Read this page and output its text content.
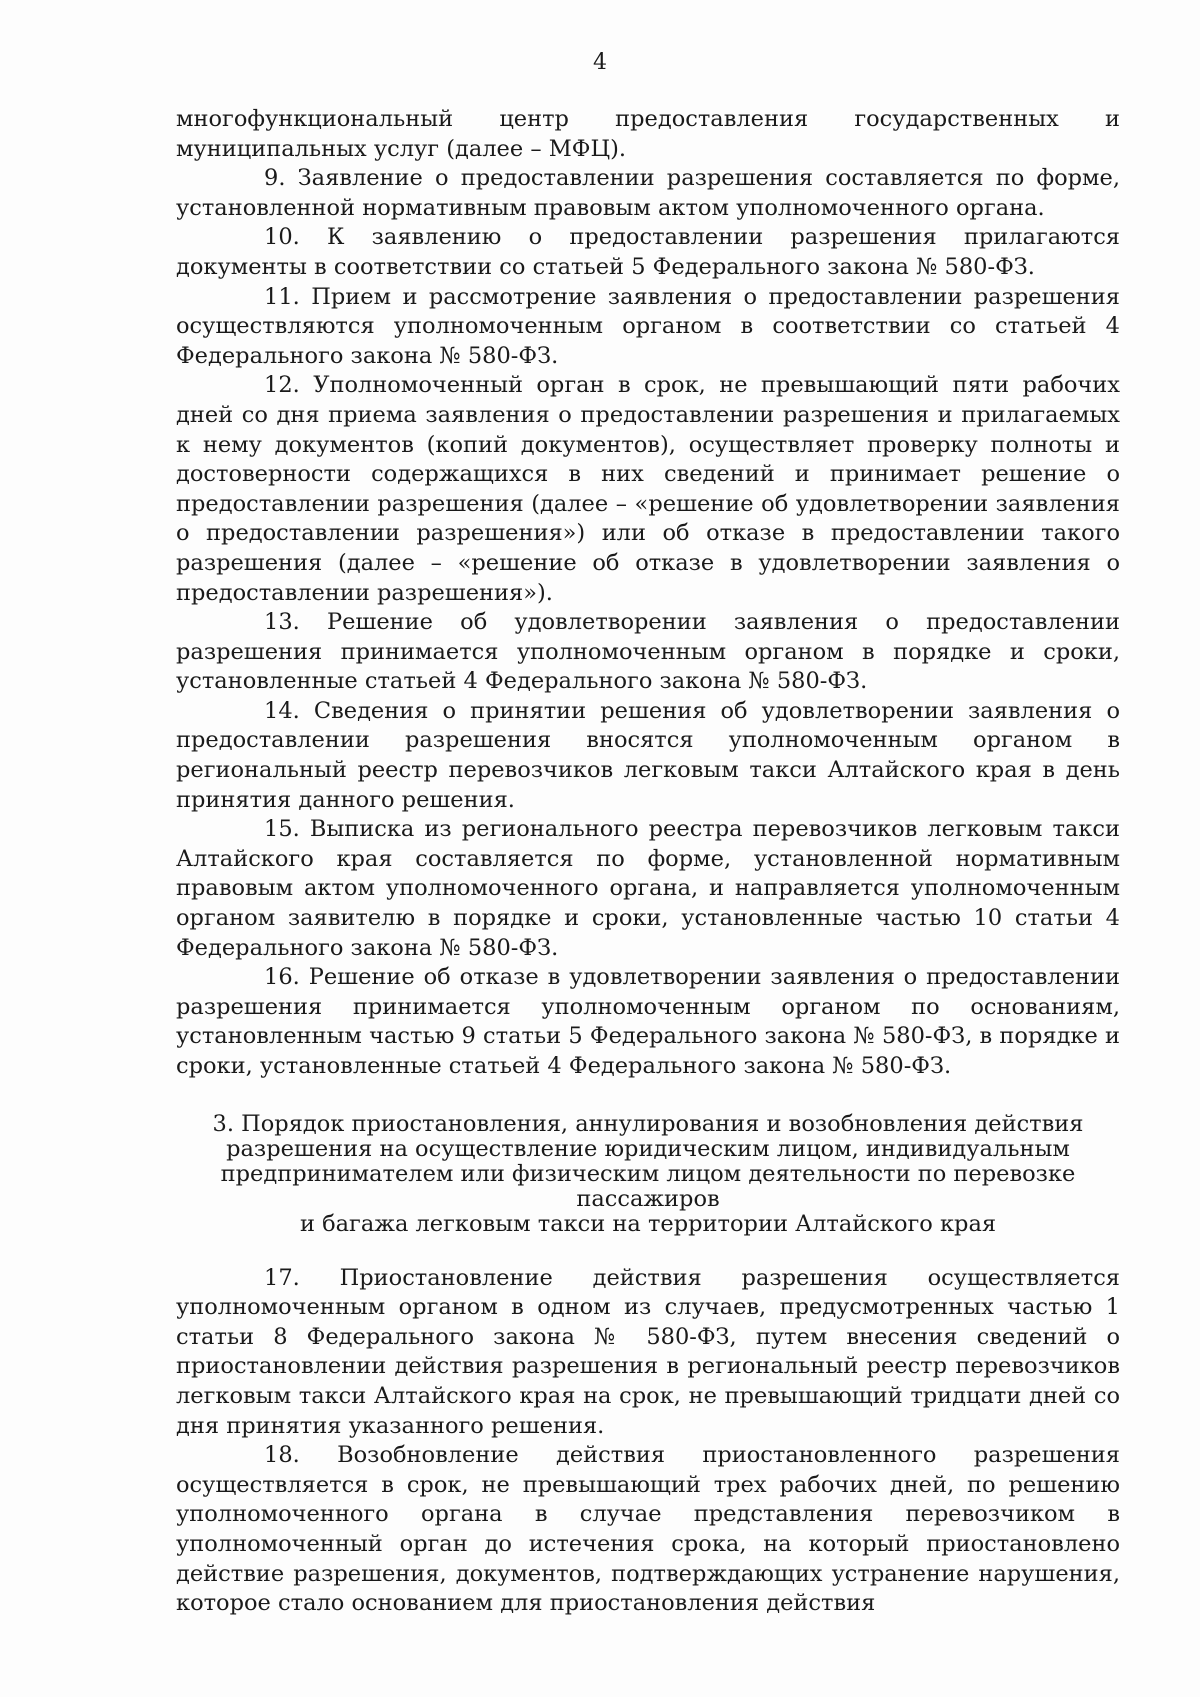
4

многофункциональный центр предоставления государственных и муниципальных услуг (далее – МФЦ).

9. Заявление о предоставлении разрешения составляется по форме, установленной нормативным правовым актом уполномоченного органа.

10. К заявлению о предоставлении разрешения прилагаются документы в соответствии со статьей 5 Федерального закона № 580-ФЗ.

11. Прием и рассмотрение заявления о предоставлении разрешения осуществляются уполномоченным органом в соответствии со статьей 4 Федерального закона № 580-ФЗ.

12. Уполномоченный орган в срок, не превышающий пяти рабочих дней со дня приема заявления о предоставлении разрешения и прилагаемых к нему документов (копий документов), осуществляет проверку полноты и достоверности содержащихся в них сведений и принимает решение о предоставлении разрешения (далее – «решение об удовлетворении заявления о предоставлении разрешения») или об отказе в предоставлении такого разрешения (далее – «решение об отказе в удовлетворении заявления о предоставлении разрешения»).

13. Решение об удовлетворении заявления о предоставлении разрешения принимается уполномоченным органом в порядке и сроки, установленные статьей 4 Федерального закона № 580-ФЗ.

14. Сведения о принятии решения об удовлетворении заявления о предоставлении разрешения вносятся уполномоченным органом в региональный реестр перевозчиков легковым такси Алтайского края в день принятия данного решения.

15. Выписка из регионального реестра перевозчиков легковым такси Алтайского края составляется по форме, установленной нормативным правовым актом уполномоченного органа, и направляется уполномоченным органом заявителю в порядке и сроки, установленные частью 10 статьи 4 Федерального закона № 580-ФЗ.

16. Решение об отказе в удовлетворении заявления о предоставлении разрешения принимается уполномоченным органом по основаниям, установленным частью 9 статьи 5 Федерального закона № 580-ФЗ, в порядке и сроки, установленные статьей 4 Федерального закона № 580-ФЗ.

3. Порядок приостановления, аннулирования и возобновления действия
разрешения на осуществление юридическим лицом, индивидуальным
предпринимателем или физическим лицом деятельности по перевозке пассажиров
и багажа легковым такси на территории Алтайского края

17. Приостановление действия разрешения осуществляется уполномоченным органом в одном из случаев, предусмотренных частью 1 статьи 8 Федерального закона № 580-ФЗ, путем внесения сведений о приостановлении действия разрешения в региональный реестр перевозчиков легковым такси Алтайского края на срок, не превышающий тридцати дней со дня принятия указанного решения.

18. Возобновление действия приостановленного разрешения осуществляется в срок, не превышающий трех рабочих дней, по решению уполномоченного органа в случае представления перевозчиком в уполномоченный орган до истечения срока, на который приостановлено действие разрешения, документов, подтверждающих устранение нарушения, которое стало основанием для приостановления действия
